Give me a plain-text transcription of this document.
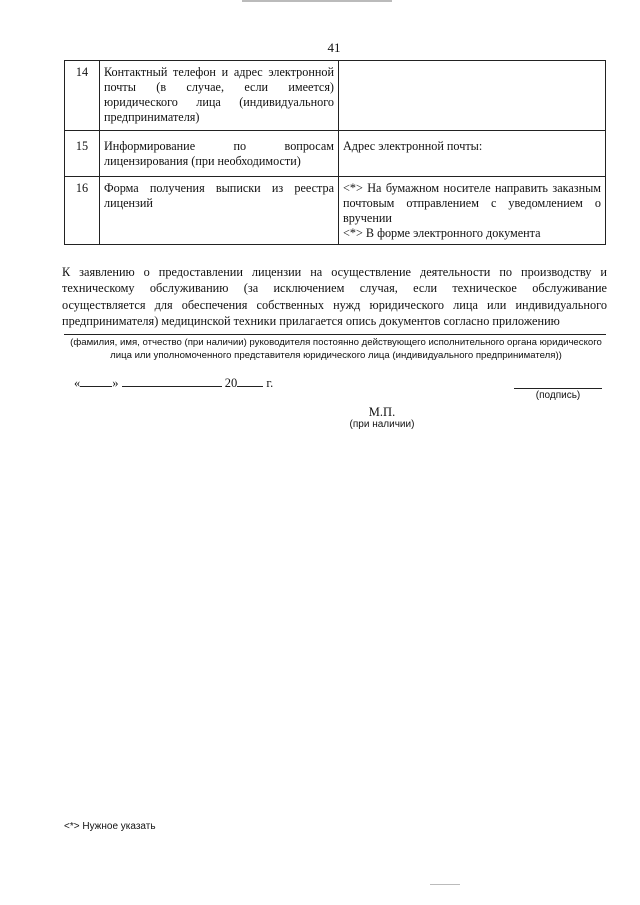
41
14	Контактный телефон и адрес электронной почты (в случае, если имеется) юридического лица (индивидуального предпринимателя)	
15	Информирование по вопросам лицензирования (при необходимости)	Адрес электронной почты:

16	Форма получения выписки из реестра лицензий	<*> На бумажном носителе направить заказным почтовым отправлением с уведомлением о вручении
<*> В форме электронного документа
К заявлению о предоставлении лицензии на осуществление деятельности по производству и техническому обслуживанию (за исключением случая, если техническое обслуживание осуществляется для обеспечения собственных нужд юридического лица или индивидуального предпринимателя) медицинской техники прилагается опись документов согласно приложению
(фамилия, имя, отчество (при наличии) руководителя постоянно действующего исполнительного органа юридического лица или уполномоченного представителя юридического лица (индивидуального предпринимателя))
«	»	20 г.
(подпись)
М.П.
(при наличии)
<*> Нужное указать
